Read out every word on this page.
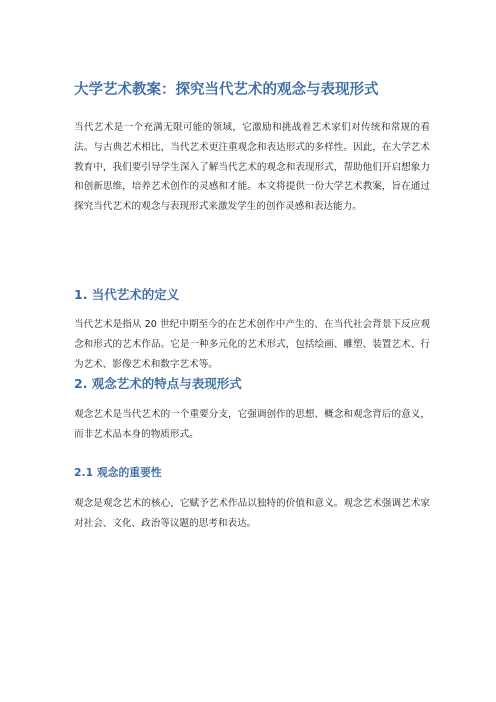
大学艺术教案：探究当代艺术的观念与表现形式

当代艺术是一个充满无限可能的领域，它激励和挑战着艺术家们对传统和常规的看法。与古典艺术相比，当代艺术更注重观念和表达形式的多样性。因此，在大学艺术教育中，我们要引导学生深入了解当代艺术的观念和表现形式，帮助他们开启想象力和创新思维，培养艺术创作的灵感和才能。本文将提供一份大学艺术教案，旨在通过探究当代艺术的观念与表现形式来激发学生的创作灵感和表达能力。

1. 当代艺术的定义

当代艺术是指从 20 世纪中期至今的在艺术创作中产生的、在当代社会背景下反应观念和形式的艺术作品。它是一种多元化的艺术形式，包括绘画、雕塑、装置艺术、行为艺术、影像艺术和数字艺术等。

2. 观念艺术的特点与表现形式

观念艺术是当代艺术的一个重要分支，它强调创作的思想、概念和观念背后的意义，而非艺术品本身的物质形式。

2.1 观念的重要性

观念是观念艺术的核心，它赋予艺术作品以独特的价值和意义。观念艺术强调艺术家对社会、文化、政治等议题的思考和表达。
